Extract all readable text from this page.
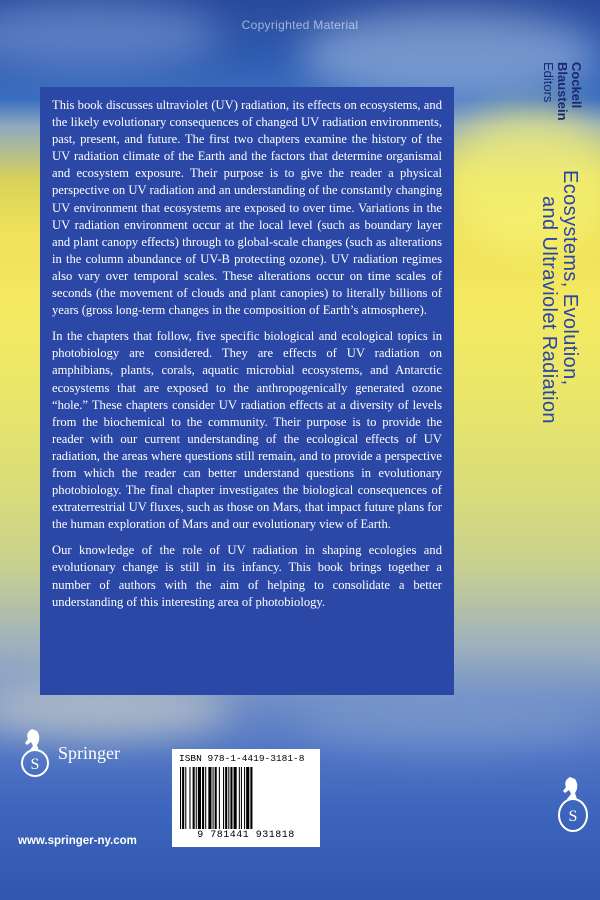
Copyrighted Material
Cockell
Blaustein
Editors
Ecosystems, Evolution,
and Ultraviolet Radiation

This book discusses ultraviolet (UV) radiation, its effects on ecosystems, and the likely evolutionary consequences of changed UV radiation environments, past, present, and future. The first two chapters examine the history of the UV radiation climate of the Earth and the factors that determine organismal and ecosystem exposure. Their purpose is to give the reader a physical perspective on UV radiation and an understanding of the constantly changing UV environment that ecosystems are exposed to over time. Variations in the UV radiation environment occur at the local level (such as boundary layer and plant canopy effects) through to global-scale changes (such as alterations in the column abundance of UV-B protecting ozone). UV radiation regimes also vary over temporal scales. These alterations occur on time scales of seconds (the movement of clouds and plant canopies) to literally billions of years (gross long-term changes in the composition of Earth’s atmosphere).

In the chapters that follow, five specific biological and ecological topics in photobiology are considered. They are effects of UV radiation on amphibians, plants, corals, aquatic microbial ecosystems, and Antarctic ecosystems that are exposed to the anthropogenically generated ozone “hole.” These chapters consider UV radiation effects at a diversity of levels from the biochemical to the community. Their purpose is to provide the reader with our current understanding of the ecological effects of UV radiation, the areas where questions still remain, and to provide a perspective from which the reader can better understand questions in evolutionary photobiology. The final chapter investigates the biological consequences of extraterrestrial UV fluxes, such as those on Mars, that impact future plans for the human exploration of Mars and our evolutionary view of Earth.

Our knowledge of the role of UV radiation in shaping ecologies and evolutionary change is still in its infancy. This book brings together a number of authors with the aim of helping to consolidate a better understanding of this interesting area of photobiology.

S
Springer
S
www.springer-ny.com
ISBN 978-1-4419-3181-8
9 781441 931818
